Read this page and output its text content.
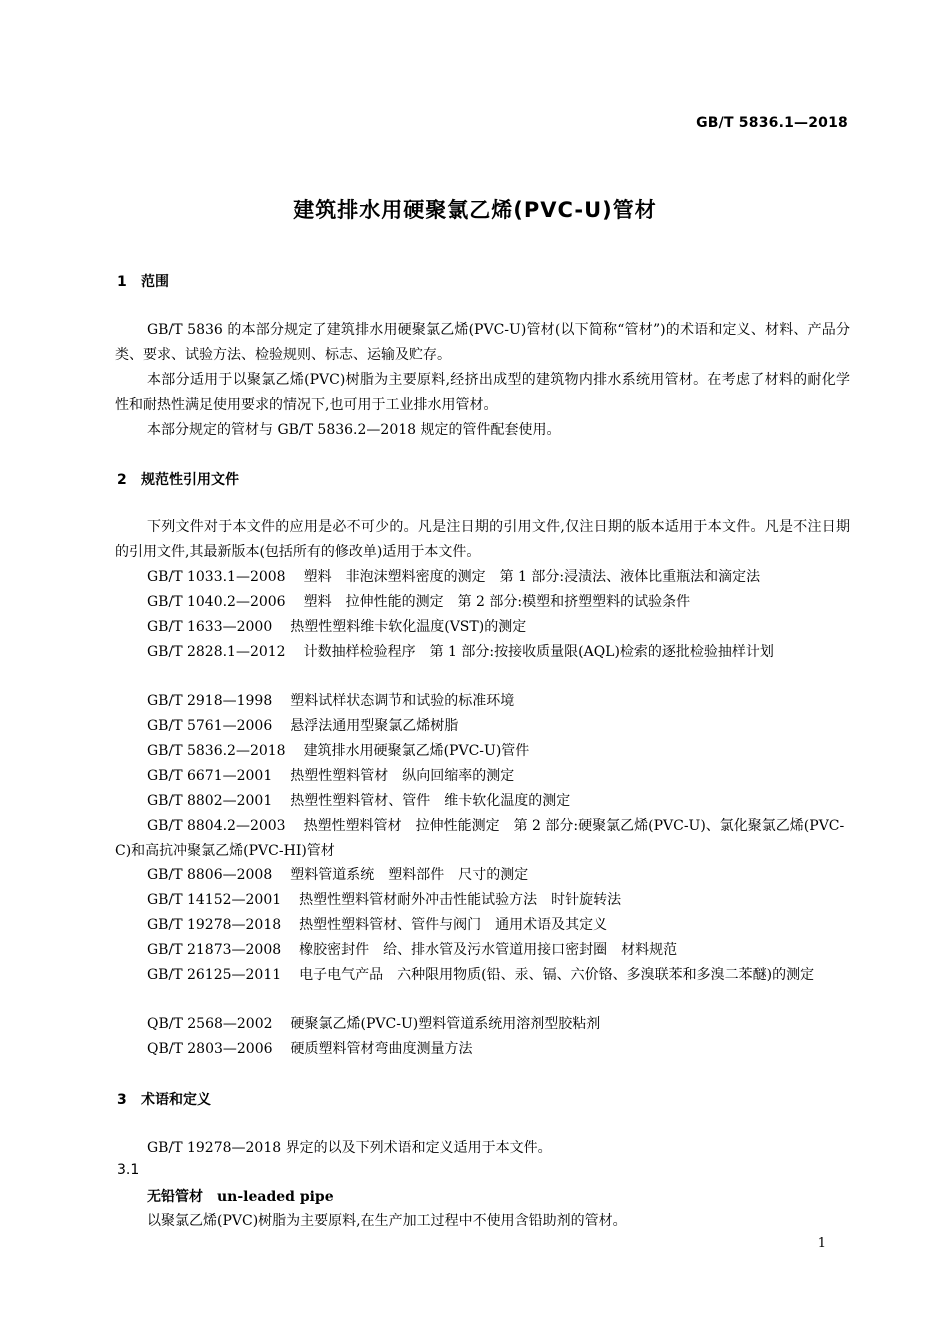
GB/T 5836.1—2018
建筑排水用硬聚氯乙烯(PVC-U)管材
1 范围
GB/T 5836 的本部分规定了建筑排水用硬聚氯乙烯(PVC-U)管材(以下简称“管材”)的术语和定义、材料、产品分类、要求、试验方法、检验规则、标志、运输及贮存。
本部分适用于以聚氯乙烯(PVC)树脂为主要原料,经挤出成型的建筑物内排水系统用管材。在考虑了材料的耐化学性和耐热性满足使用要求的情况下,也可用于工业排水用管材。
本部分规定的管材与 GB/T 5836.2—2018 规定的管件配套使用。
2 规范性引用文件
下列文件对于本文件的应用是必不可少的。凡是注日期的引用文件,仅注日期的版本适用于本文件。凡是不注日期的引用文件,其最新版本(包括所有的修改单)适用于本文件。
GB/T 1033.1—2008 塑料　非泡沫塑料密度的测定　第 1 部分:浸渍法、液体比重瓶法和滴定法
GB/T 1040.2—2006 塑料　拉伸性能的测定　第 2 部分:模塑和挤塑塑料的试验条件
GB/T 1633—2000 热塑性塑料维卡软化温度(VST)的测定
GB/T 2828.1—2012 计数抽样检验程序　第 1 部分:按接收质量限(AQL)检索的逐批检验抽样计划
GB/T 2918—1998 塑料试样状态调节和试验的标准环境
GB/T 5761—2006 悬浮法通用型聚氯乙烯树脂
GB/T 5836.2—2018 建筑排水用硬聚氯乙烯(PVC-U)管件
GB/T 6671—2001 热塑性塑料管材　纵向回缩率的测定
GB/T 8802—2001 热塑性塑料管材、管件　维卡软化温度的测定
GB/T 8804.2—2003 热塑性塑料管材　拉伸性能测定　第 2 部分:硬聚氯乙烯(PVC-U)、氯化聚氯乙烯(PVC-C)和高抗冲聚氯乙烯(PVC-HI)管材
GB/T 8806—2008 塑料管道系统　塑料部件　尺寸的测定
GB/T 14152—2001 热塑性塑料管材耐外冲击性能试验方法　时针旋转法
GB/T 19278—2018 热塑性塑料管材、管件与阀门　通用术语及其定义
GB/T 21873—2008 橡胶密封件　给、排水管及污水管道用接口密封圈　材料规范
GB/T 26125—2011 电子电气产品　六种限用物质(铅、汞、镉、六价铬、多溴联苯和多溴二苯醚)的测定
QB/T 2568—2002 硬聚氯乙烯(PVC-U)塑料管道系统用溶剂型胶粘剂
QB/T 2803—2006 硬质塑料管材弯曲度测量方法
3 术语和定义
GB/T 19278—2018 界定的以及下列术语和定义适用于本文件。
3.1
无铅管材 un-leaded pipe
以聚氯乙烯(PVC)树脂为主要原料,在生产加工过程中不使用含铅助剂的管材。
1
